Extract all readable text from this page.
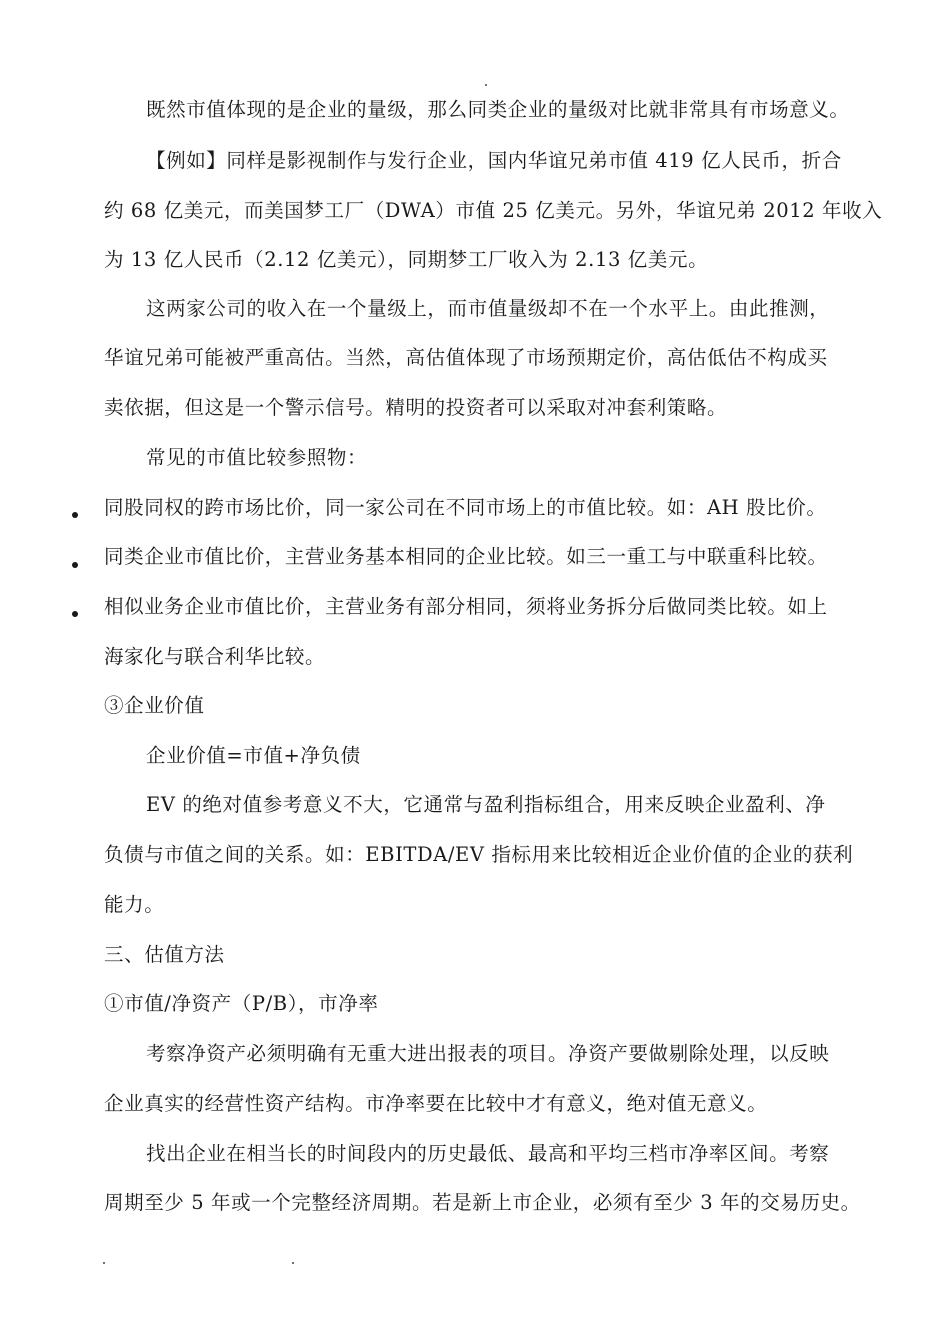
既然市值体现的是企业的量级，那么同类企业的量级对比就非常具有市场意义。
【例如】同样是影视制作与发行企业，国内华谊兄弟市值 419 亿人民币，折合
约 68 亿美元，而美国梦工厂（DWA）市值 25 亿美元。另外，华谊兄弟 2012 年收入
为 13 亿人民币（2.12 亿美元），同期梦工厂收入为 2.13 亿美元。
这两家公司的收入在一个量级上，而市值量级却不在一个水平上。由此推测，
华谊兄弟可能被严重高估。当然，高估值体现了市场预期定价，高估低估不构成买
卖依据，但这是一个警示信号。精明的投资者可以采取对冲套利策略。
常见的市值比较参照物：
同股同权的跨市场比价，同一家公司在不同市场上的市值比较。如：AH 股比价。
同类企业市值比价，主营业务基本相同的企业比较。如三一重工与中联重科比较。
相似业务企业市值比价，主营业务有部分相同，须将业务拆分后做同类比较。如上
海家化与联合利华比较。
③企业价值
企业价值=市值+净负债
EV 的绝对值参考意义不大，它通常与盈利指标组合，用来反映企业盈利、净
负债与市值之间的关系。如：EBITDA/EV 指标用来比较相近企业价值的企业的获利
能力。
三、估值方法
①市值/净资产（P/B），市净率
考察净资产必须明确有无重大进出报表的项目。净资产要做剔除处理，以反映
企业真实的经营性资产结构。市净率要在比较中才有意义，绝对值无意义。
找出企业在相当长的时间段内的历史最低、最高和平均三档市净率区间。考察
周期至少 5 年或一个完整经济周期。若是新上市企业，必须有至少 3 年的交易历史。
